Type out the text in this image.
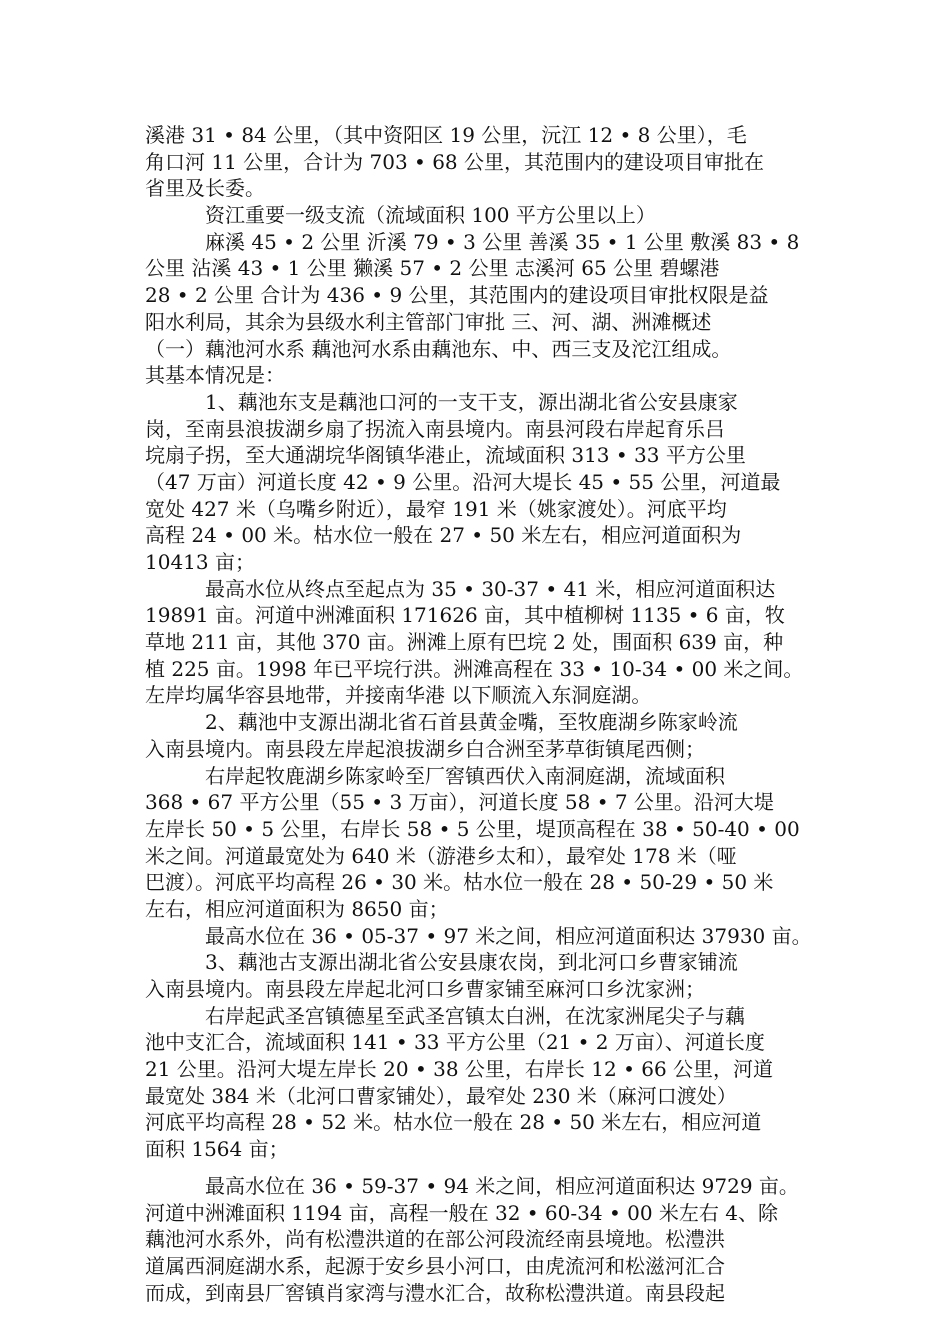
溪港 31 • 84 公里，（其中资阳区 19 公里，沅江 12 • 8 公里），毛
角口河 11 公里，合计为 703 • 68 公里，其范围内的建设项目审批在
省里及长委。
资江重要一级支流（流域面积 100 平方公里以上）
麻溪 45 • 2 公里 沂溪 79 • 3 公里 善溪 35 • 1 公里 敷溪 83 • 8
公里 沾溪 43 • 1 公里 獭溪 57 • 2 公里 志溪河 65 公里 碧螺港
28 • 2 公里 合计为 436 • 9 公里，其范围内的建设项目审批权限是益
阳水利局，其余为县级水利主管部门审批 三、河、湖、洲滩概述
（一）藕池河水系 藕池河水系由藕池东、中、西三支及沱江组成。
其基本情况是：
1、藕池东支是藕池口河的一支干支，源出湖北省公安县康家
岗，至南县浪拔湖乡扇了拐流入南县境内。南县河段右岸起育乐吕
垸扇子拐，至大通湖垸华阁镇华港止，流域面积 313 • 33 平方公里
（47 万亩）河道长度 42 • 9 公里。沿河大堤长 45 • 55 公里，河道最
宽处 427 米（乌嘴乡附近），最窄 191 米（姚家渡处）。河底平均
高程 24 • 00 米。枯水位一般在 27 • 50 米左右，相应河道面积为
10413 亩；
最高水位从终点至起点为 35 • 30-37 • 41 米，相应河道面积达
19891 亩。河道中洲滩面积 171626 亩，其中植柳树 1135 • 6 亩，牧
草地 211 亩，其他 370 亩。洲滩上原有巴垸 2 处，围面积 639 亩，种
植 225 亩。1998 年已平垸行洪。洲滩高程在 33 • 10-34 • 00 米之间。
左岸均属华容县地带，并接南华港 以下顺流入东洞庭湖。
2、藕池中支源出湖北省石首县黄金嘴，至牧鹿湖乡陈家岭流
入南县境内。南县段左岸起浪拔湖乡白合洲至茅草街镇尾西侧；
右岸起牧鹿湖乡陈家岭至厂窖镇西伏入南洞庭湖，流域面积
368 • 67 平方公里（55 • 3 万亩），河道长度 58 • 7 公里。沿河大堤
左岸长 50 • 5 公里，右岸长 58 • 5 公里，堤顶高程在 38 • 50-40 • 00
米之间。河道最宽处为 640 米（游港乡太和），最窄处 178 米（哑
巴渡）。河底平均高程 26 • 30 米。枯水位一般在 28 • 50-29 • 50 米
左右，相应河道面积为 8650 亩；
最高水位在 36 • 05-37 • 97 米之间，相应河道面积达 37930 亩。
3、藕池古支源出湖北省公安县康农岗，到北河口乡曹家铺流
入南县境内。南县段左岸起北河口乡曹家铺至麻河口乡沈家洲；
右岸起武圣宫镇德星至武圣宫镇太白洲，在沈家洲尾尖子与藕
池中支汇合，流域面积 141 • 33 平方公里（21 • 2 万亩）、河道长度
21 公里。沿河大堤左岸长 20 • 38 公里，右岸长 12 • 66 公里，河道
最宽处 384 米（北河口曹家铺处），最窄处 230 米（麻河口渡处）
河底平均高程 28 • 52 米。枯水位一般在 28 • 50 米左右，相应河道
面积 1564 亩；
最高水位在 36 • 59-37 • 94 米之间，相应河道面积达 9729 亩。
河道中洲滩面积 1194 亩，高程一般在 32 • 60-34 • 00 米左右 4、除
藕池河水系外，尚有松澧洪道的在部公河段流经南县境地。松澧洪
道属西洞庭湖水系，起源于安乡县小河口，由虎流河和松滋河汇合
而成，到南县厂窖镇肖家湾与澧水汇合，故称松澧洪道。南县段起
